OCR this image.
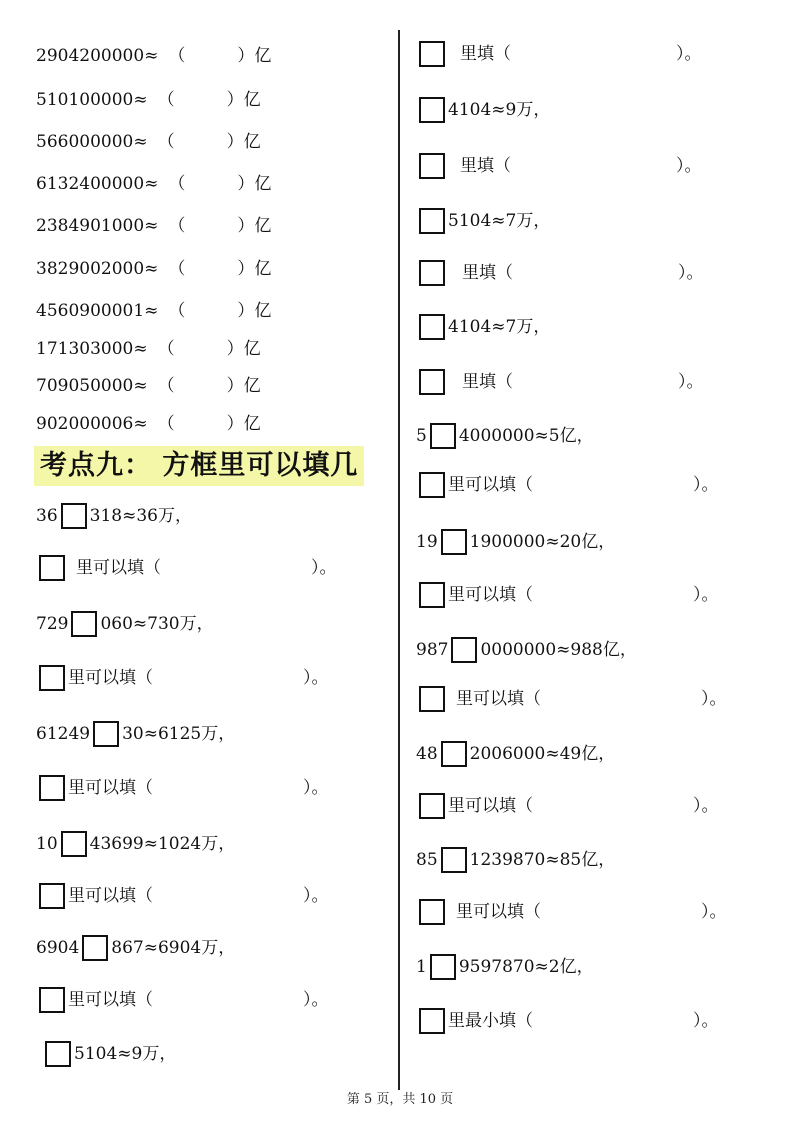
2904200000 ≈ （	） 亿
510100000 ≈ （	） 亿
566000000 ≈ （	） 亿
6132400000 ≈ （	） 亿
2384901000 ≈ （	） 亿
3829002000 ≈ （	） 亿
4560900001 ≈ （	） 亿
171303000 ≈ （	） 亿
709050000 ≈ （	） 亿
902000006 ≈ （	） 亿
36 318≈36万，
里可以填（	）。
729 060≈730万，
里可以填（	）。
61249 30≈6125万，
里可以填（	）。
10 43699≈1024万，
里可以填（	）。
6904 867≈6904万，
里可以填（	）。
5104≈9万，
考点九： 方框里可以填几
里填（	）。
4104≈9万，
里填（	）。
5104≈7万，
里填（	）。
4104≈7万，
里填（	）。
5 4000000≈5亿，
里可以填（	）。
19 1900000≈20亿，
里可以填（	）。
987 0000000≈988亿，
里可以填（	）。
48 2006000≈49亿，
里可以填（	）。
85 1239870≈85亿，
里可以填（	）。
1 9597870≈2亿，
里最小填（	）。
第 5 页，共 10 页
